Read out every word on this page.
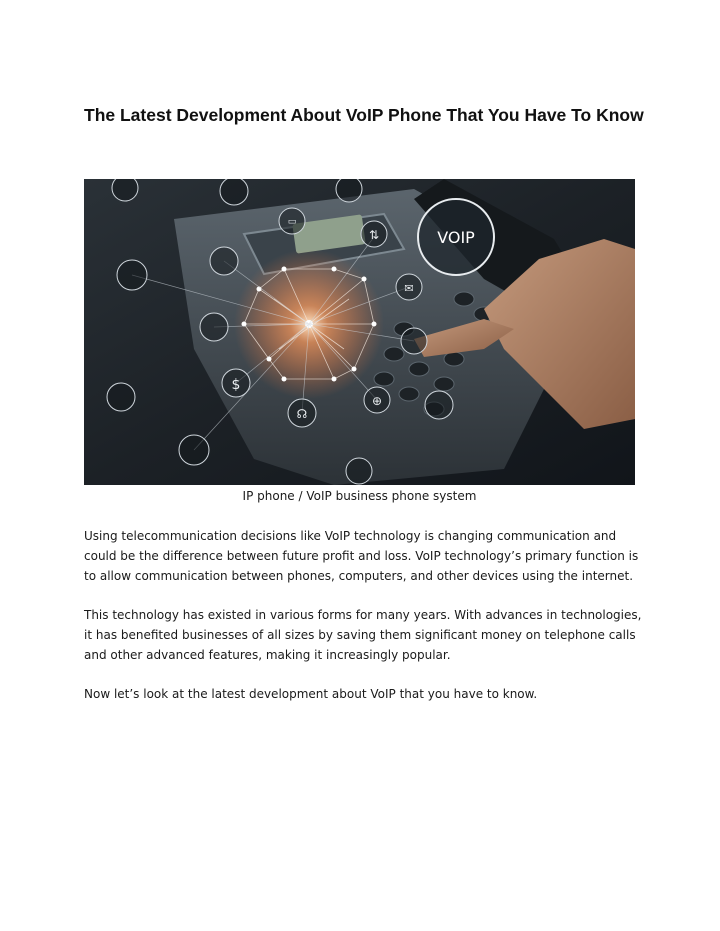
The Latest Development About VoIP Phone That You Have To Know
$
⇅
✉
☊
⊕
▭
VOIP
IP phone / VoIP business phone system
Using telecommunication decisions like VoIP technology is changing communication and could be the difference between future profit and loss. VoIP technology’s primary function is to allow communication between phones, computers, and other devices using the internet.
This technology has existed in various forms for many years. With advances in technologies, it has benefited businesses of all sizes by saving them significant money on telephone calls and other advanced features, making it increasingly popular.
Now let’s look at the latest development about VoIP that you have to know.
